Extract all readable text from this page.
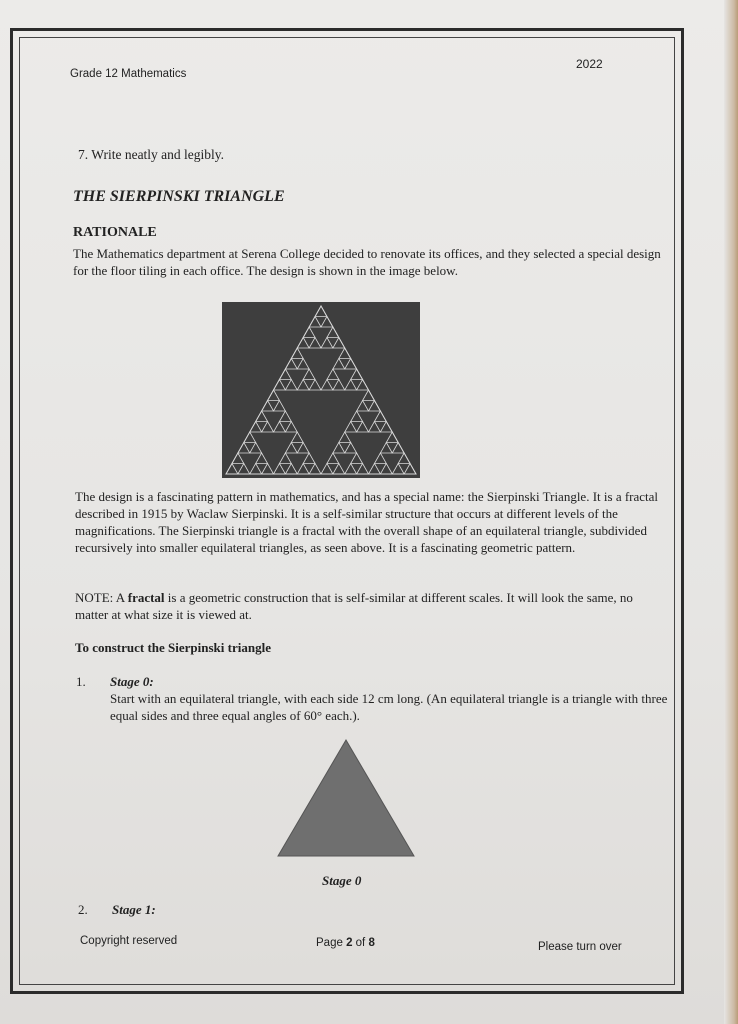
Grade 12 Mathematics
2022
7. Write neatly and legibly.
THE SIERPINSKI TRIANGLE
RATIONALE
The Mathematics department at Serena College decided to renovate its offices, and they selected a special design for the floor tiling in each office. The design is shown in the image below.
The design is a fascinating pattern in mathematics, and has a special name: the Sierpinski Triangle. It is a fractal described in 1915 by Waclaw Sierpinski. It is a self-similar structure that occurs at different levels of the magnifications. The Sierpinski triangle is a fractal with the overall shape of an equilateral triangle, subdivided recursively into smaller equilateral triangles, as seen above. It is a fascinating geometric pattern.
NOTE: A fractal is a geometric construction that is self-similar at different scales. It will look the same, no matter at what size it is viewed at.
To construct the Sierpinski triangle
1. Stage 0:
Start with an equilateral triangle, with each side 12 cm long. (An equilateral triangle is a triangle with three equal sides and three equal angles of 60° each.).
Stage 0
2. Stage 1:
Copyright reserved	Page 2 of 8	Please turn over
